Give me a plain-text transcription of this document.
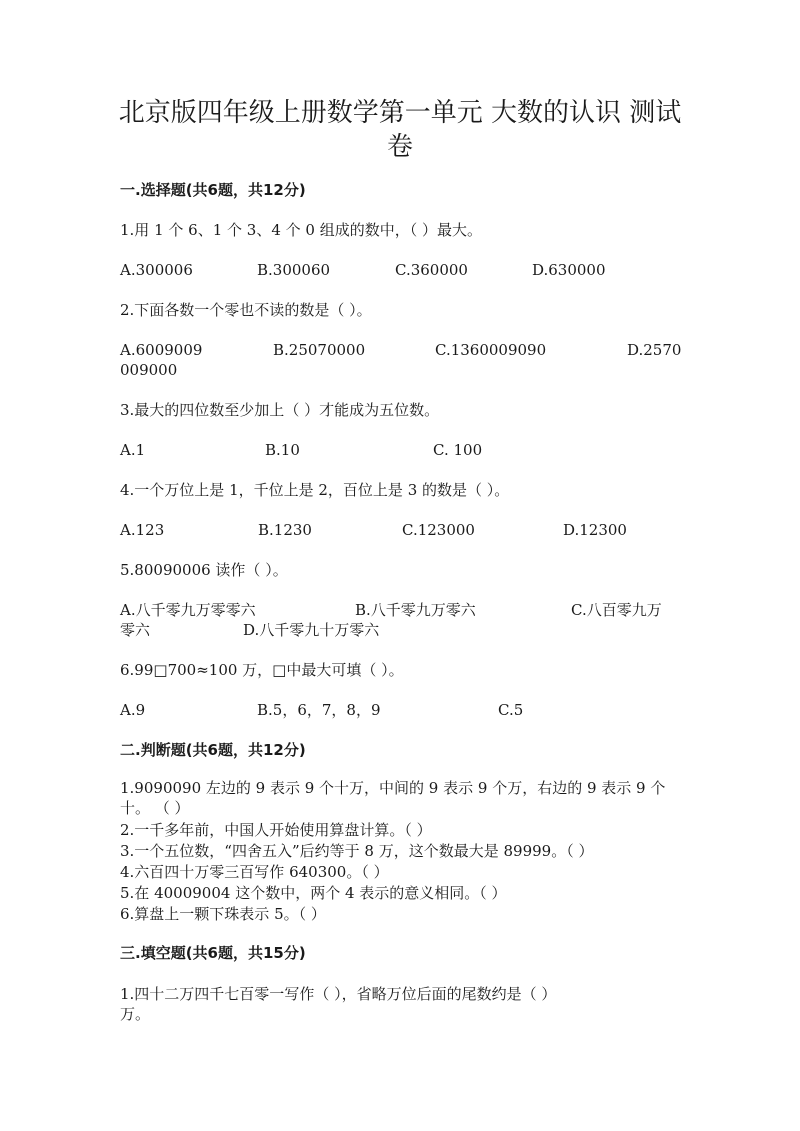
北京版四年级上册数学第一单元 大数的认识 测试
卷
一.选择题(共6题，共12分)
1.用 1 个 6、1 个 3、4 个 0 组成的数中，（ ）最大。
A.300006	B.300060	C.360000	D.630000
2.下面各数一个零也不读的数是（ ）。
A.6009009	B.25070000	C.1360009090	D.2570
009000
3.最大的四位数至少加上（ ）才能成为五位数。
A.1	B.10	C. 100
4.一个万位上是 1，千位上是 2，百位上是 3 的数是（ ）。
A.123	B.1230	C.123000	D.12300
5.80090006 读作（ ）。
A.八千零九万零零六	B.八千零九万零六	C.八百零九万
零六	D.八千零九十万零六
6.99□700≈100 万，□中最大可填（ ）。
A.9	B.5，6，7，8，9	C.5
二.判断题(共6题，共12分)
1.9090090 左边的 9 表示 9 个十万，中间的 9 表示 9 个万，右边的 9 表示 9 个
十。 （ ）
2.一千多年前，中国人开始使用算盘计算。（ ）
3.一个五位数，“四舍五入”后约等于 8 万，这个数最大是 89999。（ ）
4.六百四十万零三百写作 640300。（ ）
5.在 40009004 这个数中，两个 4 表示的意义相同。（ ）
6.算盘上一颗下珠表示 5。（ ）
三.填空题(共6题，共15分)
1.四十二万四千七百零一写作（ ），省略万位后面的尾数约是（ ）
万。
